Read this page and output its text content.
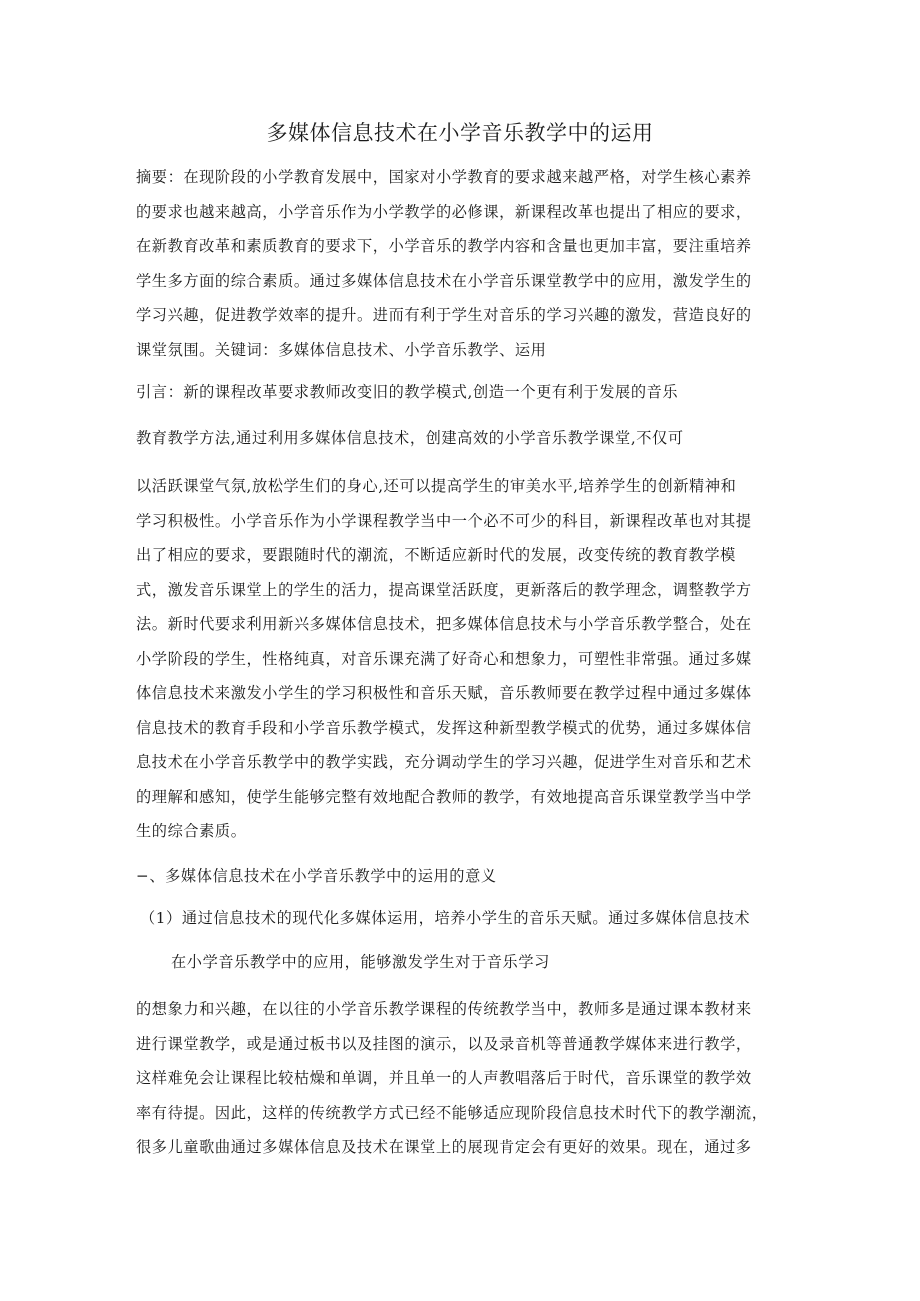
多媒体信息技术在小学音乐教学中的运用
摘要：在现阶段的小学教育发展中，国家对小学教育的要求越来越严格，对学生核心素养
的要求也越来越高，小学音乐作为小学教学的必修课，新课程改革也提出了相应的要求，
在新教育改革和素质教育的要求下，小学音乐的教学内容和含量也更加丰富，要注重培养
学生多方面的综合素质。通过多媒体信息技术在小学音乐课堂教学中的应用，激发学生的
学习兴趣，促进教学效率的提升。进而有利于学生对音乐的学习兴趣的激发，营造良好的
课堂氛围。关键词：多媒体信息技术、小学音乐教学、运用
引言：新的课程改革要求教师改变旧的教学模式,创造一个更有利于发展的音乐
教育教学方法,通过利用多媒体信息技术，创建高效的小学音乐教学课堂,不仅可
以活跃课堂气氛,放松学生们的身心,还可以提高学生的审美水平,培养学生的创新精神和
学习积极性。小学音乐作为小学课程教学当中一个必不可少的科目，新课程改革也对其提
出了相应的要求，要跟随时代的潮流，不断适应新时代的发展，改变传统的教育教学模
式，激发音乐课堂上的学生的活力，提高课堂活跃度，更新落后的教学理念，调整教学方
法。新时代要求利用新兴多媒体信息技术，把多媒体信息技术与小学音乐教学整合，处在
小学阶段的学生，性格纯真，对音乐课充满了好奇心和想象力，可塑性非常强。通过多媒
体信息技术来激发小学生的学习积极性和音乐天赋，音乐教师要在教学过程中通过多媒体
信息技术的教育手段和小学音乐教学模式，发挥这种新型教学模式的优势，通过多媒体信
息技术在小学音乐教学中的教学实践，充分调动学生的学习兴趣，促进学生对音乐和艺术
的理解和感知，使学生能够完整有效地配合教师的教学，有效地提高音乐课堂教学当中学
生的综合素质。
−、多媒体信息技术在小学音乐教学中的运用的意义
（1）通过信息技术的现代化多媒体运用，培养小学生的音乐天赋。通过多媒体信息技术
在小学音乐教学中的应用，能够激发学生对于音乐学习
的想象力和兴趣，在以往的小学音乐教学课程的传统教学当中，教师多是通过课本教材来
进行课堂教学，或是通过板书以及挂图的演示，以及录音机等普通教学媒体来进行教学，
这样难免会让课程比较枯燥和单调，并且单一的人声教唱落后于时代，音乐课堂的教学效
率有待提。因此，这样的传统教学方式已经不能够适应现阶段信息技术时代下的教学潮流，
很多儿童歌曲通过多媒体信息及技术在课堂上的展现肯定会有更好的效果。现在，通过多
